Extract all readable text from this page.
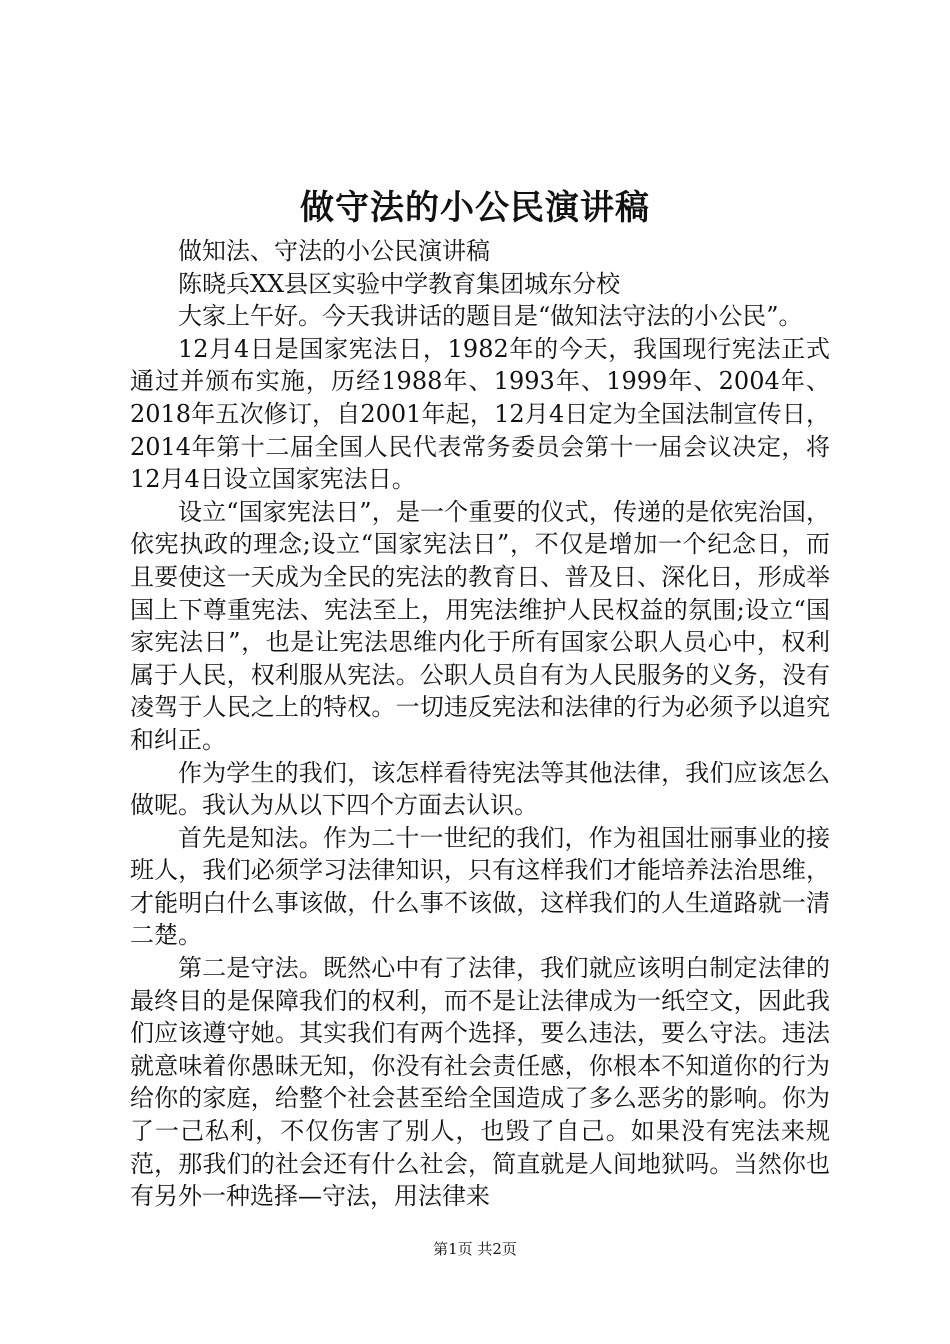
做守法的小公民演讲稿

做知法、守法的小公民演讲稿

陈晓兵XX县区实验中学教育集团城东分校

大家上午好。今天我讲话的题目是“做知法守法的小公民”。

12月4日是国家宪法日，1982年的今天，我国现行宪法正式通过并颁布实施，历经1988年、1993年、1999年、2004年、2018年五次修订，自2001年起，12月4日定为全国法制宣传日，2014年第十二届全国人民代表常务委员会第十一届会议决定，将12月4日设立国家宪法日。

设立“国家宪法日”，是一个重要的仪式，传递的是依宪治国，依宪执政的理念;设立“国家宪法日”，不仅是增加一个纪念日，而且要使这一天成为全民的宪法的教育日、普及日、深化日，形成举国上下尊重宪法、宪法至上，用宪法维护人民权益的氛围;设立“国家宪法日”，也是让宪法思维内化于所有国家公职人员心中，权利属于人民，权利服从宪法。公职人员自有为人民服务的义务，没有凌驾于人民之上的特权。一切违反宪法和法律的行为必须予以追究和纠正。

作为学生的我们，该怎样看待宪法等其他法律，我们应该怎么做呢。我认为从以下四个方面去认识。

首先是知法。作为二十一世纪的我们，作为祖国壮丽事业的接班人，我们必须学习法律知识，只有这样我们才能培养法治思维，才能明白什么事该做，什么事不该做，这样我们的人生道路就一清二楚。

第二是守法。既然心中有了法律，我们就应该明白制定法律的最终目的是保障我们的权利，而不是让法律成为一纸空文，因此我们应该遵守她。其实我们有两个选择，要么违法，要么守法。违法就意味着你愚昧无知，你没有社会责任感，你根本不知道你的行为给你的家庭，给整个社会甚至给全国造成了多么恶劣的影响。你为了一己私利，不仅伤害了别人，也毁了自己。如果没有宪法来规范，那我们的社会还有什么社会，简直就是人间地狱吗。当然你也有另外一种选择—守法，用法律来

第1页 共2页
